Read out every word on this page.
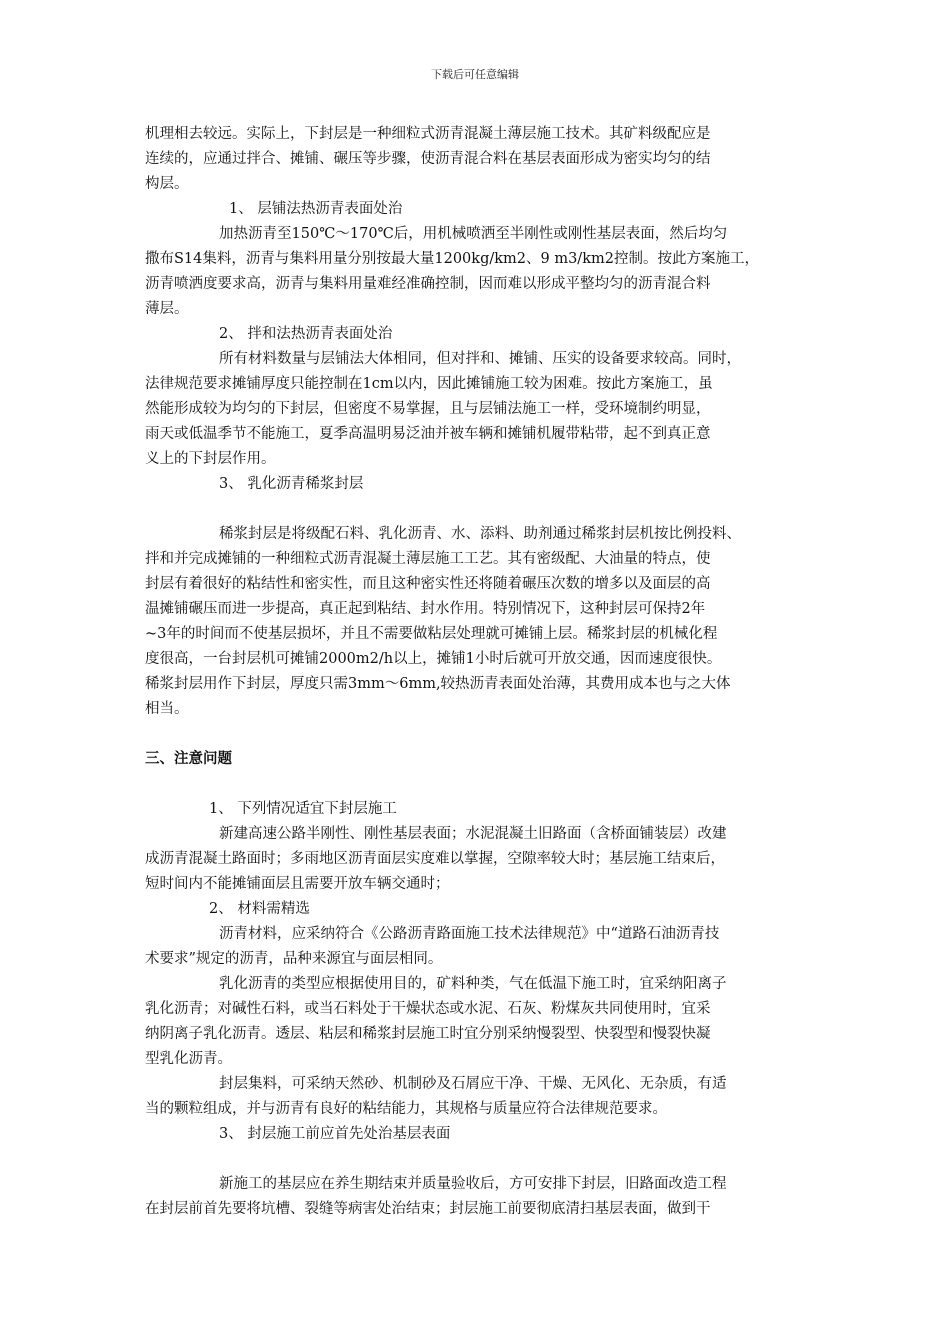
下载后可任意编辑
机理相去较远。实际上，下封层是一种细粒式沥青混凝土薄层施工技术。其矿料级配应是
连续的，应通过拌合、摊铺、碾压等步骤，使沥青混合料在基层表面形成为密实均匀的结
构层。
1、 层铺法热沥青表面处治
加热沥青至150℃～170℃后，用机械喷洒至半刚性或刚性基层表面，然后均匀
撒布S14集料，沥青与集料用量分别按最大量1200kg/km2、9 m3/km2控制。按此方案施工，
沥青喷洒度要求高，沥青与集料用量难经准确控制，因而难以形成平整均匀的沥青混合料
薄层。
2、 拌和法热沥青表面处治
所有材料数量与层铺法大体相同，但对拌和、摊铺、压实的设备要求较高。同时，
法律规范要求摊铺厚度只能控制在1cm以内，因此摊铺施工较为困难。按此方案施工，虽
然能形成较为均匀的下封层，但密度不易掌握，且与层铺法施工一样，受环境制约明显，
雨天或低温季节不能施工，夏季高温明易泛油并被车辆和摊铺机履带粘带，起不到真正意
义上的下封层作用。
3、 乳化沥青稀浆封层
稀浆封层是将级配石料、乳化沥青、水、添料、助剂通过稀浆封层机按比例投料、
拌和并完成摊铺的一种细粒式沥青混凝土薄层施工工艺。其有密级配、大油量的特点，使
封层有着很好的粘结性和密实性，而且这种密实性还将随着碾压次数的增多以及面层的高
温摊铺碾压而进一步提高，真正起到粘结、封水作用。特别情况下，这种封层可保持2年
~3年的时间而不使基层损坏，并且不需要做粘层处理就可摊铺上层。稀浆封层的机械化程
度很高，一台封层机可摊铺2000m2/h以上，摊铺1小时后就可开放交通，因而速度很快。
稀浆封层用作下封层，厚度只需3mm～6mm,较热沥青表面处治薄，其费用成本也与之大体
相当。
三、注意问题
1、 下列情况适宜下封层施工
新建高速公路半刚性、刚性基层表面；水泥混凝土旧路面（含桥面铺装层）改建
成沥青混凝土路面时；多雨地区沥青面层实度难以掌握，空隙率较大时；基层施工结束后，
短时间内不能摊铺面层且需要开放车辆交通时；
2、 材料需精选
沥青材料，应采纳符合《公路沥青路面施工技术法律规范》中“道路石油沥青技
术要求”规定的沥青，品种来源宜与面层相同。
乳化沥青的类型应根据使用目的，矿料种类，气在低温下施工时，宜采纳阳离子
乳化沥青；对碱性石料，或当石料处于干燥状态或水泥、石灰、粉煤灰共同使用时，宜采
纳阴离子乳化沥青。透层、粘层和稀浆封层施工时宜分别采纳慢裂型、快裂型和慢裂快凝
型乳化沥青。
封层集料，可采纳天然砂、机制砂及石屑应干净、干燥、无风化、无杂质，有适
当的颗粒组成，并与沥青有良好的粘结能力，其规格与质量应符合法律规范要求。
3、 封层施工前应首先处治基层表面
新施工的基层应在养生期结束并质量验收后，方可安排下封层，旧路面改造工程
在封层前首先要将坑槽、裂缝等病害处治结束；封层施工前要彻底清扫基层表面，做到干
